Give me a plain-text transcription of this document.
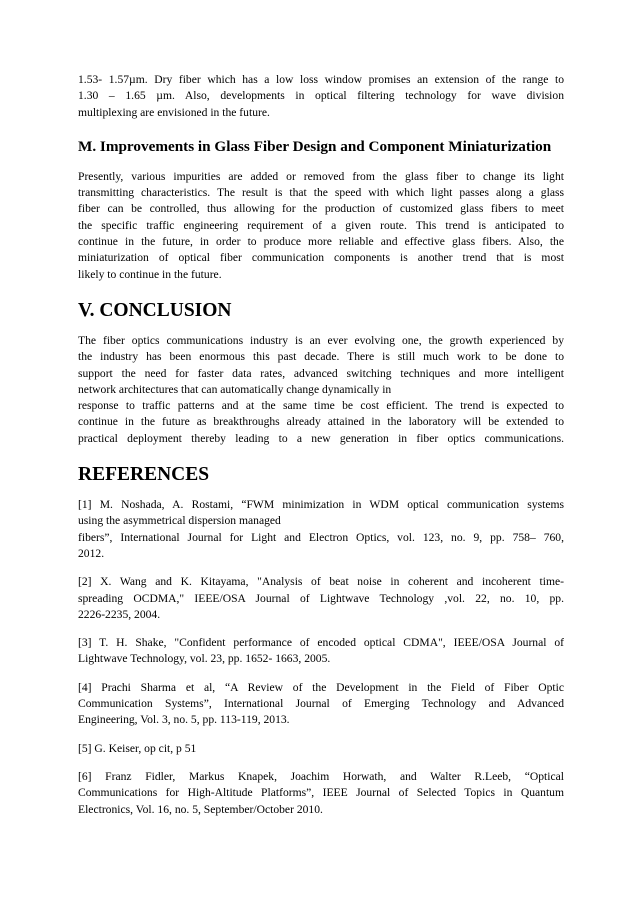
1.53- 1.57µm. Dry fiber which has a low loss window promises an extension of the range to
1.30 – 1.65 µm. Also, developments in optical filtering technology for wave division
multiplexing are envisioned in the future.

M. Improvements in Glass Fiber Design and Component Miniaturization

Presently, various impurities are added or removed from the glass fiber to change its light
transmitting characteristics. The result is that the speed with which light passes along a glass
fiber can be controlled, thus allowing for the production of customized glass fibers to meet
the specific traffic engineering requirement of a given route. This trend is anticipated to
continue in the future, in order to produce more reliable and effective glass fibers. Also, the
miniaturization of optical fiber communication components is another trend that is most
likely to continue in the future.

V. CONCLUSION

The fiber optics communications industry is an ever evolving one, the growth experienced by
the industry has been enormous this past decade. There is still much work to be done to
support the need for faster data rates, advanced switching techniques and more intelligent
network architectures that can automatically change dynamically in
response to traffic patterns and at the same time be cost efficient. The trend is expected to
continue in the future as breakthroughs already attained in the laboratory will be extended to
practical deployment thereby leading to a new generation in fiber optics communications.

REFERENCES
[1] M. Noshada, A. Rostami, “FWM minimization in WDM optical communication systems
using the asymmetrical dispersion managed
fibers”, International Journal for Light and Electron Optics, vol. 123, no. 9, pp. 758– 760,
2012.
[2] X. Wang and K. Kitayama, "Analysis of beat noise in coherent and incoherent time-
spreading OCDMA," IEEE/OSA Journal of Lightwave Technology ,vol. 22, no. 10, pp.
2226-2235, 2004.
[3] T. H. Shake, "Confident performance of encoded optical CDMA", IEEE/OSA Journal of
Lightwave Technology, vol. 23, pp. 1652- 1663, 2005.
[4] Prachi Sharma et al, “A Review of the Development in the Field of Fiber Optic
Communication Systems”, International Journal of Emerging Technology and Advanced
Engineering, Vol. 3, no. 5, pp. 113-119, 2013.
[5] G. Keiser, op cit, p 51
[6] Franz Fidler, Markus Knapek, Joachim Horwath, and Walter R.Leeb, “Optical
Communications for High-Altitude Platforms”, IEEE Journal of Selected Topics in Quantum
Electronics, Vol. 16, no. 5, September/October 2010.
